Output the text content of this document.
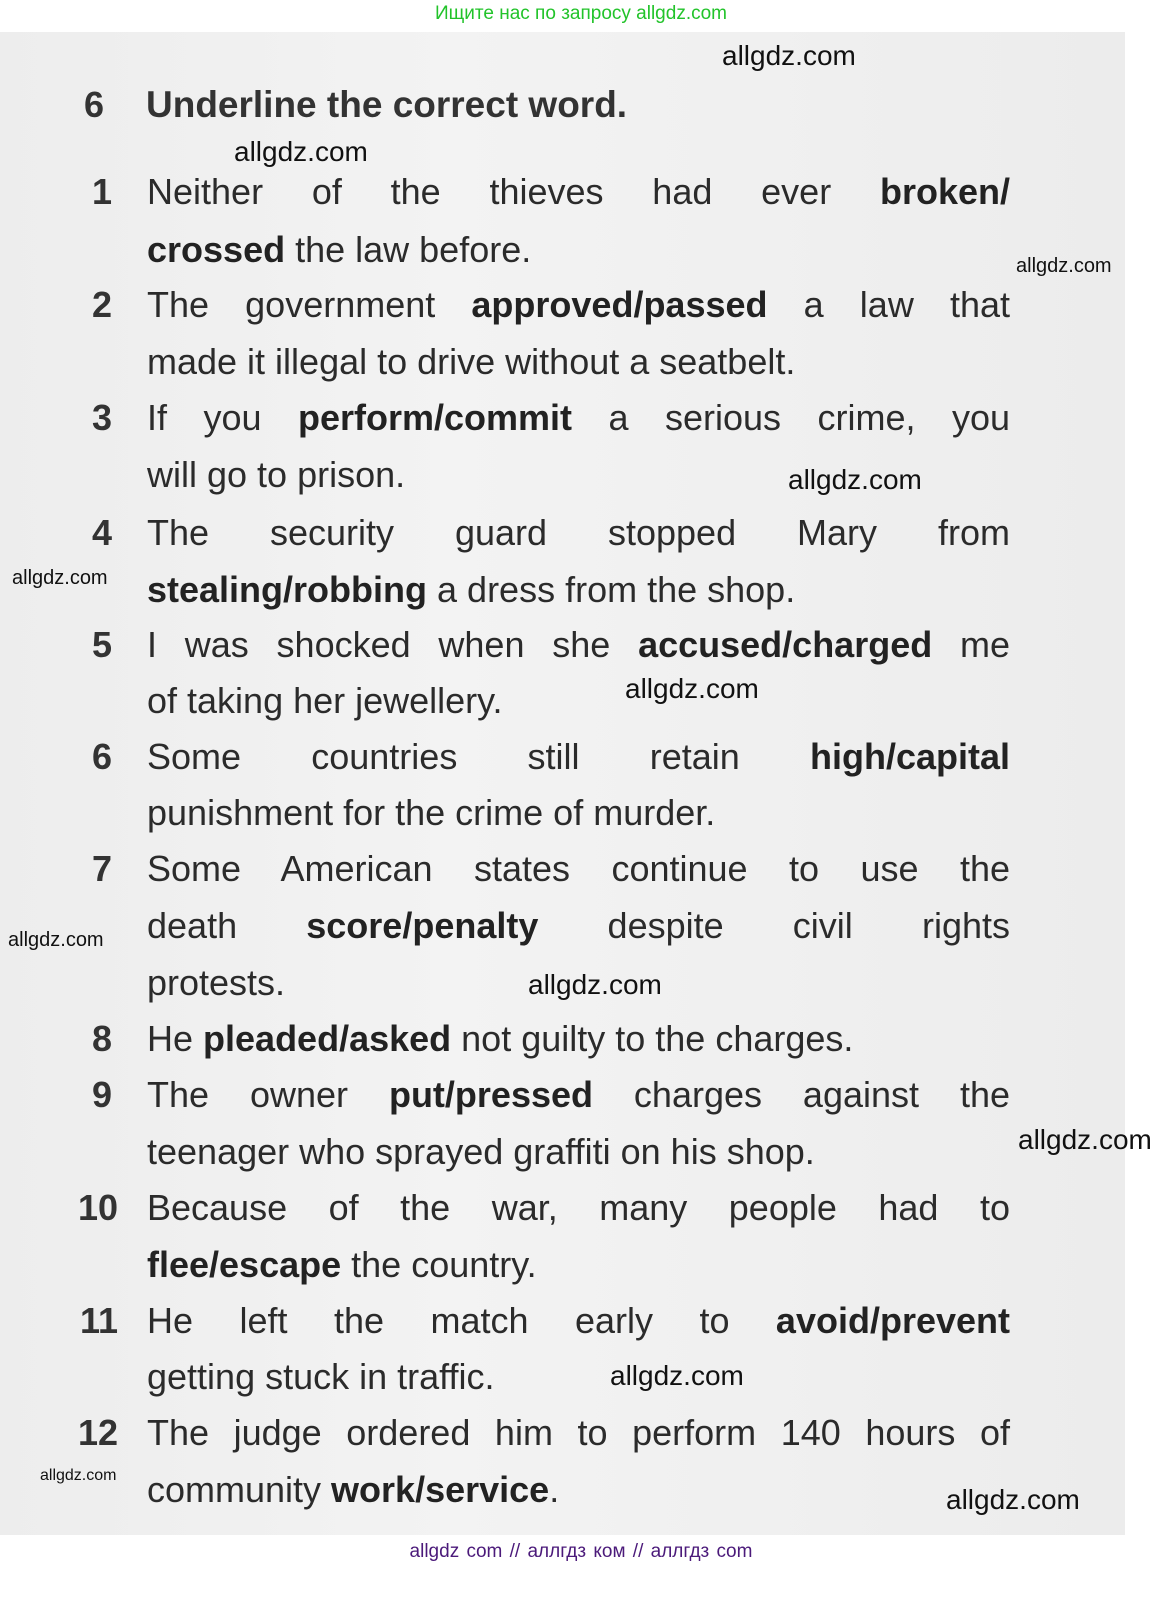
Ищите нас по запросу allgdz.com
6 Underline the correct word.
1 Neither of the thieves had ever broken/
crossed the law before.
2 The government approved/passed a law that
made it illegal to drive without a seatbelt.
3 If you perform/commit a serious crime, you
will go to prison.
4 The security guard stopped Mary from
stealing/robbing a dress from the shop.
5 I was shocked when she accused/charged me
of taking her jewellery.
6 Some countries still retain high/capital
punishment for the crime of murder.
7 Some American states continue to use the
death score/penalty despite civil rights
protests.
8 He pleaded/asked not guilty to the charges.
9 The owner put/pressed charges against the
teenager who sprayed graffiti on his shop.
10 Because of the war, many people had to
flee/escape the country.
11 He left the match early to avoid/prevent
getting stuck in traffic.
12 The judge ordered him to perform 140 hours of
community work/service.
allgdz.com
allgdz.com
allgdz.com
allgdz.com
allgdz.com
allgdz.com
allgdz.com
allgdz.com
allgdz.com
allgdz.com
allgdz.com
allgdz.com
allgdz com // аллгдз ком // аллгдз com
